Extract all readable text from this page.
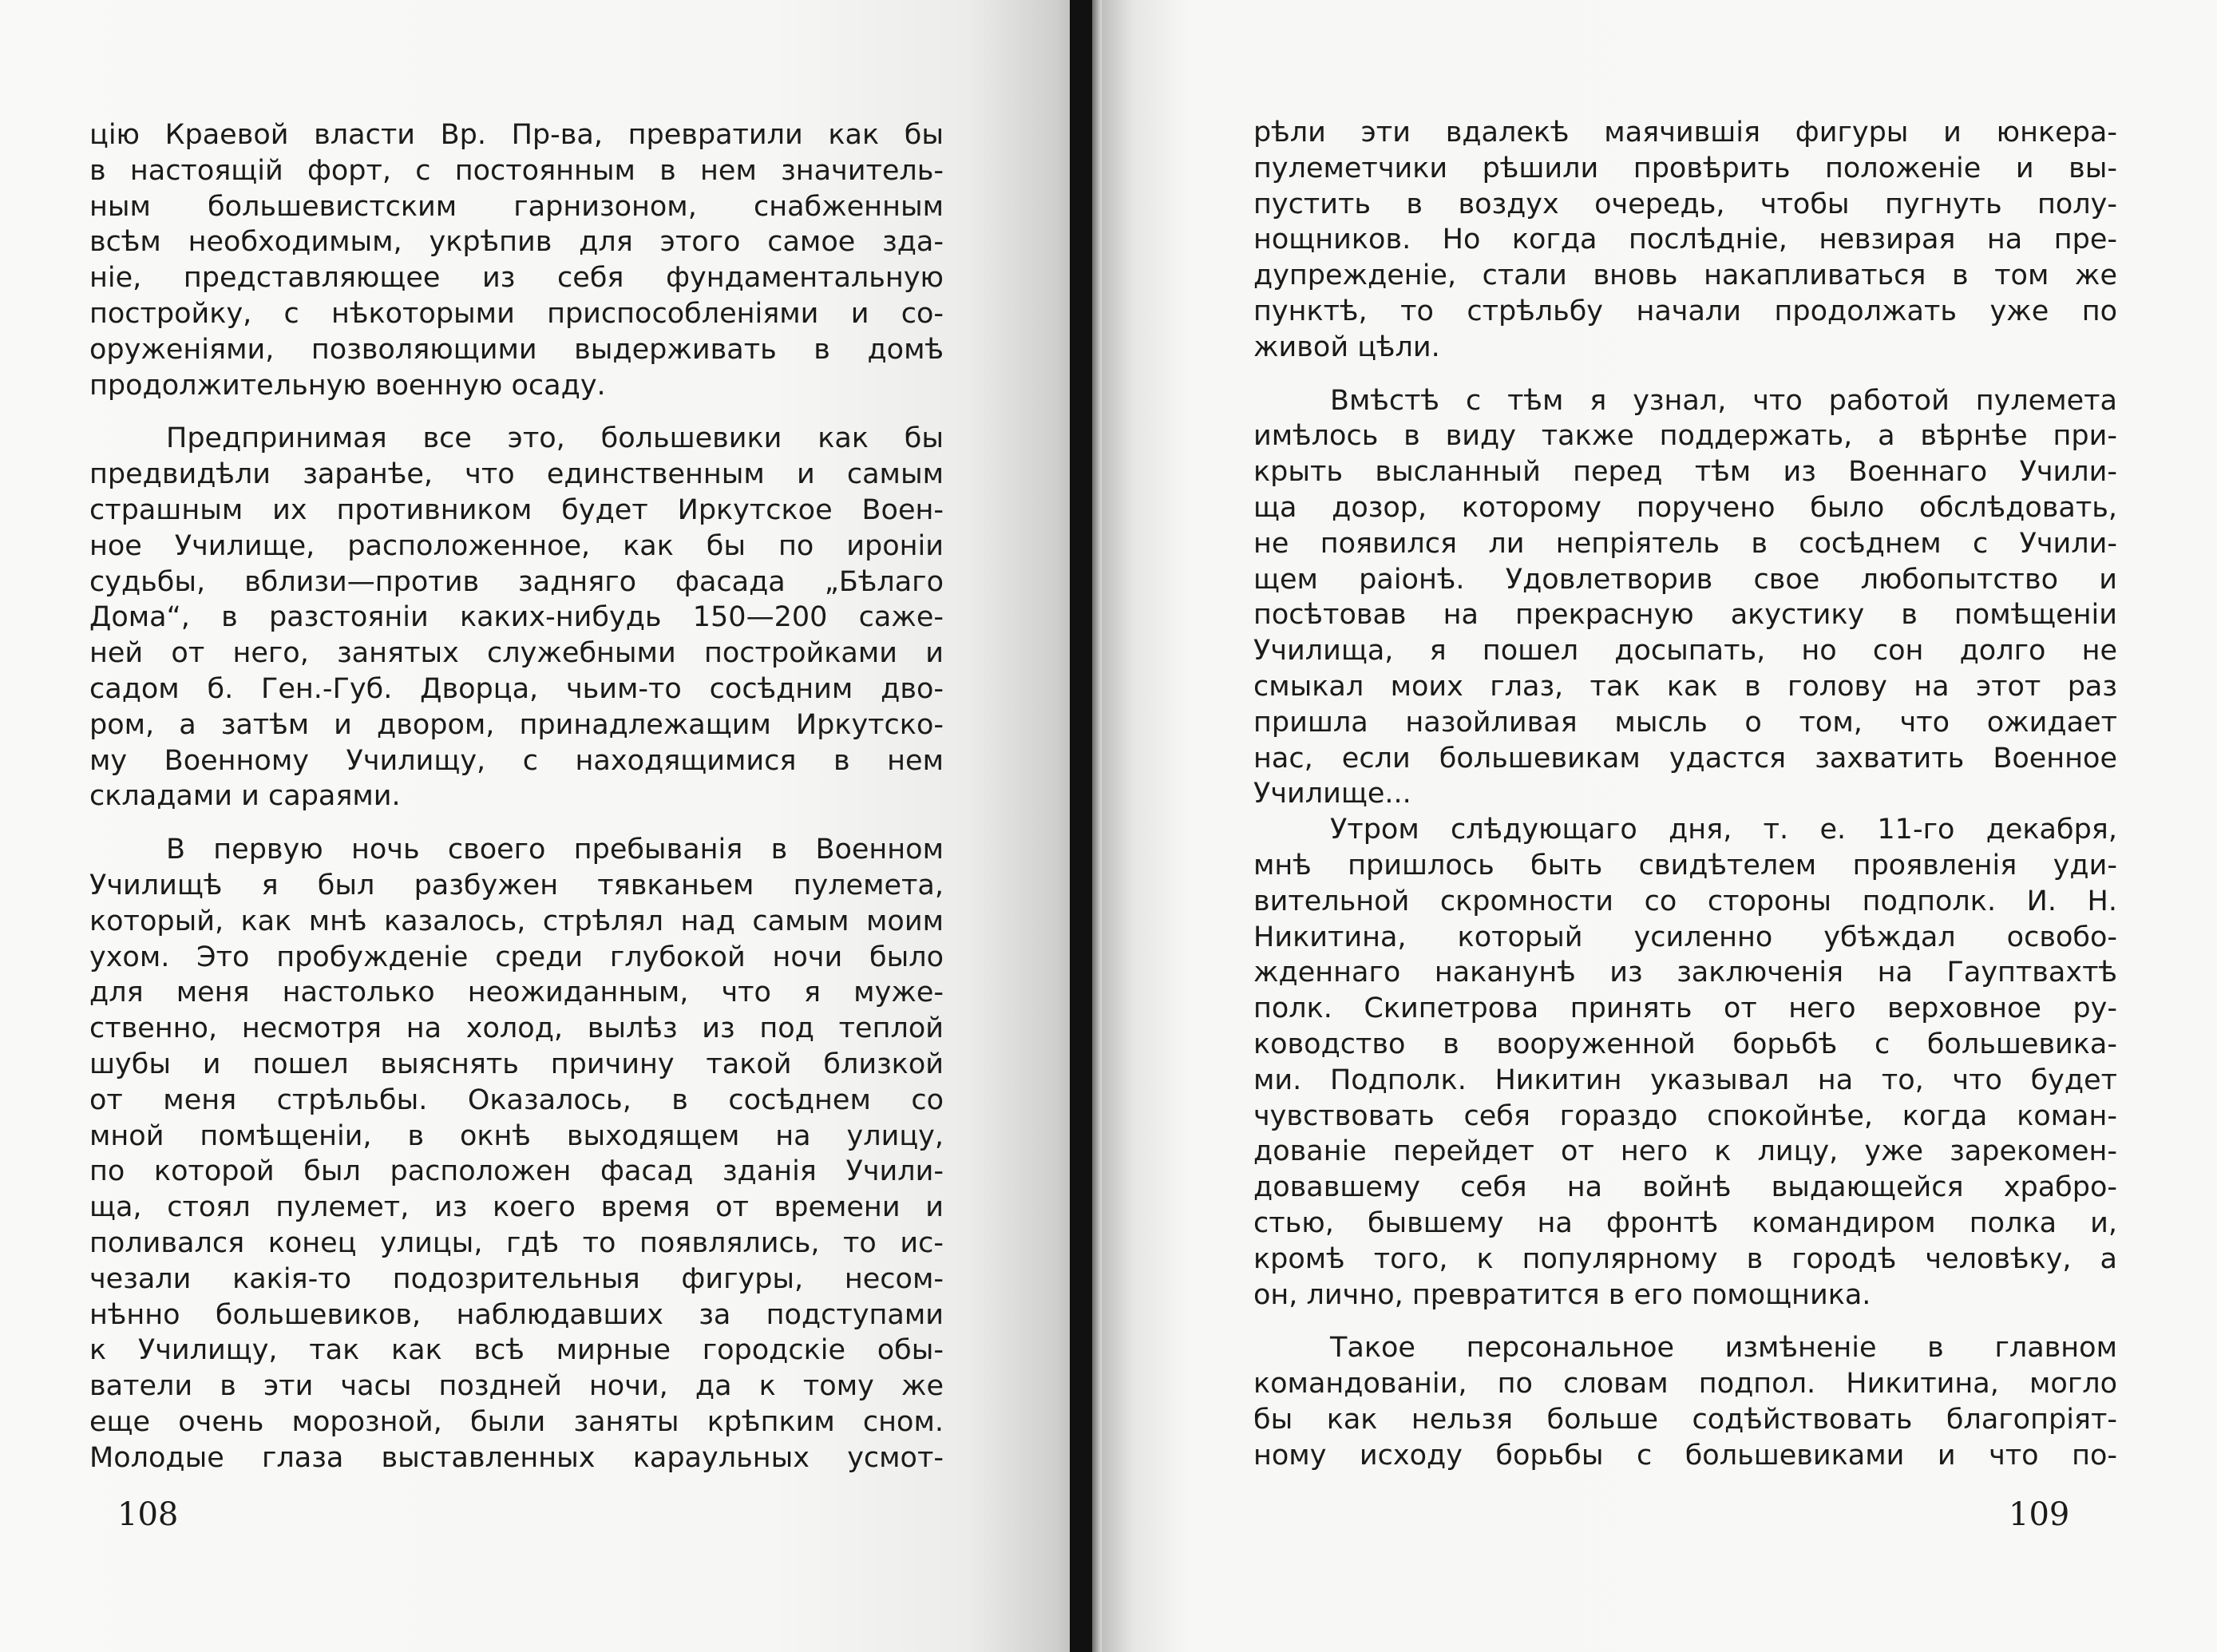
цію Краевой власти Вр. Пр-ва, превратили как бы
в настоящій форт, с постоянным в нем значитель-
ным большевистским гарнизоном, снабженным
всѣм необходимым, укрѣпив для этого самое зда-
ніе, представляющее из себя фундаментальную
постройку, с нѣкоторыми приспособленіями и со-
оруженіями, позволяющими выдерживать в домѣ
продолжительную военную осаду.
Предпринимая все это, большевики как бы
предвидѣли заранѣе, что единственным и самым
страшным их противником будет Иркутское Воен-
ное Училище, расположенное, как бы по ироніи
судьбы, вблизи—против задняго фасада „Бѣлаго
Дома“, в разстояніи каких-нибудь 150—200 саже-
ней от него, занятых служебными постройками и
садом б. Ген.-Губ. Дворца, чьим-то сосѣдним дво-
ром, а затѣм и двором, принадлежащим Иркутско-
му Военному Училищу, с находящимися в нем
складами и сараями.
В первую ночь своего пребыванія в Военном
Училищѣ я был разбужен тявканьем пулемета,
который, как мнѣ казалось, стрѣлял над самым моим
ухом. Это пробужденіе среди глубокой ночи было
для меня настолько неожиданным, что я муже-
ственно, несмотря на холод, вылѣз из под теплой
шубы и пошел выяснять причину такой близкой
от меня стрѣльбы. Оказалось, в сосѣднем со
мной помѣщеніи, в окнѣ выходящем на улицу,
по которой был расположен фасад зданія Учили-
ща, стоял пулемет, из коего время от времени и
поливался конец улицы, гдѣ то появлялись, то ис-
чезали какія-то подозрительныя фигуры, несом-
нѣнно большевиков, наблюдавших за подступами
к Училищу, так как всѣ мирные городскіе обы-
ватели в эти часы поздней ночи, да к тому же
еще очень морозной, были заняты крѣпким сном.
Молодые глаза выставленных караульных усмот-
108
рѣли эти вдалекѣ маячившія фигуры и юнкера-
пулеметчики рѣшили провѣрить положеніе и вы-
пустить в воздух очередь, чтобы пугнуть полу-
нощников. Но когда послѣдніе, невзирая на пре-
дупрежденіе, стали вновь накапливаться в том же
пунктѣ, то стрѣльбу начали продолжать уже по
живой цѣли.
Вмѣстѣ с тѣм я узнал, что работой пулемета
имѣлось в виду также поддержать, а вѣрнѣе при-
крыть высланный перед тѣм из Военнаго Учили-
ща дозор, которому поручено было обслѣдовать,
не появился ли непріятель в сосѣднем с Учили-
щем раіонѣ. Удовлетворив свое любопытство и
посѣтовав на прекрасную акустику в помѣщеніи
Училища, я пошел досыпать, но сон долго не
смыкал моих глаз, так как в голову на этот раз
пришла назойливая мысль о том, что ожидает
нас, если большевикам удастся захватить Военное
Училище...
Утром слѣдующаго дня, т. е. 11-го декабря,
мнѣ пришлось быть свидѣтелем проявленія уди-
вительной скромности со стороны подполк. И. Н.
Никитина, который усиленно убѣждал освобо-
жденнаго наканунѣ из заключенія на Гауптвахтѣ
полк. Скипетрова принять от него верховное ру-
ководство в вооруженной борьбѣ с большевика-
ми. Подполк. Никитин указывал на то, что будет
чувствовать себя гораздо спокойнѣе, когда коман-
дованіе перейдет от него к лицу, уже зарекомен-
довавшему себя на войнѣ выдающейся храбро-
стью, бывшему на фронтѣ командиром полка и,
кромѣ того, к популярному в городѣ человѣку, а
он, лично, превратится в его помощника.
Такое персональное измѣненіе в главном
командованіи, по словам подпол. Никитина, могло
бы как нельзя больше содѣйствовать благопріят-
ному исходу борьбы с большевиками и что по-
109
